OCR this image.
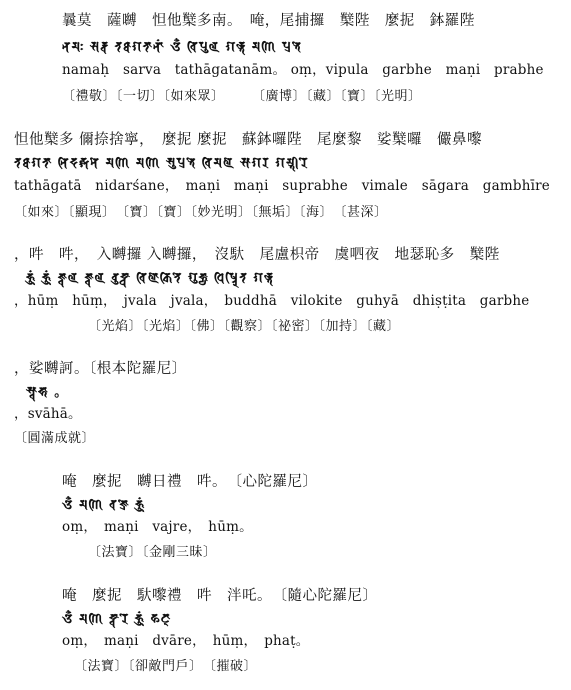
曩莫　薩嚩　怛他櫱多南。　唵，尾捕攞　櫱陛　麼抳　鉢羅陛
𑖡𑖦𑖾 𑖭𑖨𑖿𑖪 𑖝𑖞𑖯𑖐𑖝𑖯𑖡𑖯𑖽 𑖌𑖼 𑖪𑖰𑖢𑖲𑖩 𑖐𑖨𑖿𑖥𑖸 𑖦𑖜𑖰 𑖢𑖿𑖨𑖥𑖸
namaḥ　sarva　tathāgatanām。 oṃ，vipula　garbhe　maṇi　prabhe
〔禮敬〕〔一切〕〔如來眾〕　　　〔廣博〕〔藏〕〔寶〕〔光明〕
怛他櫱多 儞捺捨寧，　麼抳 麼抳　蘇鉢囉陛　尾麼黎　娑櫱囉　儼鼻嚟
𑖝𑖞𑖯𑖐𑖝𑖯 𑖡𑖰𑖟𑖨𑖿𑖫𑖡𑖸 𑖦𑖜𑖰 𑖦𑖜𑖰 𑖭𑖲𑖢𑖿𑖨𑖥𑖸 𑖪𑖰𑖦𑖩𑖸 𑖭𑖯𑖐𑖨 𑖐𑖦𑖿𑖥𑖱𑖨𑖸
tathāgatā　nidarśane，　maṇi　maṇi　suprabhe　vimale　sāgara　gambhīre
〔如來〕〔顯現〕　〔寶〕〔寶〕〔妙光明〕〔無垢〕〔海〕　〔甚深〕
，吽　吽，　入嚩攞 入嚩攞，　沒馱　尾盧枳帝　虞呬夜　地瑟恥多　櫱陛
𑖮𑖳𑖽 𑖮𑖳𑖽 𑖕𑖿𑖪𑖩 𑖕𑖿𑖪𑖩 𑖤𑖲𑖟𑖿𑖠𑖯 𑖪𑖰𑖩𑖺𑖎𑖰𑖝𑖸 𑖐𑖲𑖮𑖿𑖧𑖯 𑖠𑖰𑖬𑖿𑖚𑖰𑖝 𑖐𑖨𑖿𑖥𑖸
，hūṃ　hūṃ，　jvala　jvala，　buddhā　vilokite　guhyā　dhiṣṭita　garbhe
〔光焰〕〔光焰〕〔佛〕〔觀察〕〔祕密〕〔加持〕〔藏〕
，娑嚩訶。〔根本陀羅尼〕
𑖭𑖿𑖪𑖯𑖮𑖯 。
，svāhā。
〔圓滿成就〕
唵　麼抳　嚩日禮　吽。　〔心陀羅尼〕
𑖌𑖼 𑖦𑖜𑖰 𑖪𑖕𑖿𑖨𑖸 𑖮𑖳𑖽
oṃ，　maṇi　vajre，　hūṃ。
〔法寶〕〔金剛三昧〕
唵　麼抳　馱嚟禮　吽　泮吒。　〔隨心陀羅尼〕
𑖌𑖼 𑖦𑖜𑖰 𑖟𑖿𑖪𑖯𑖨𑖸 𑖮𑖳𑖽 𑖣𑖘𑖿
oṃ，　maṇi　dvāre，　hūṃ，　phaṭ。
〔法寶〕〔卻敵門戶〕　〔摧破〕
